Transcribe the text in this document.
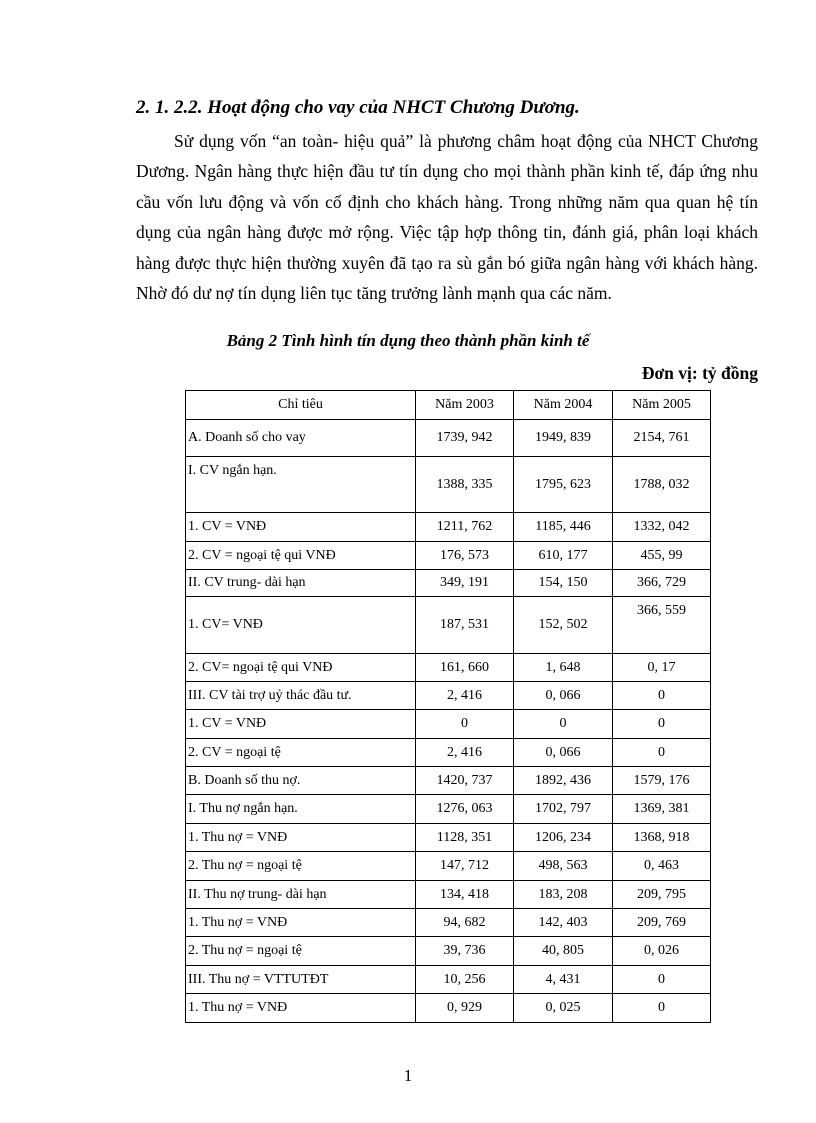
2. 1. 2.2. Hoạt động cho vay của NHCT Chương Dương.

Sử dụng vốn “an toàn- hiệu quả” là phương châm hoạt động của NHCT Chương Dương. Ngân hàng thực hiện đầu tư tín dụng cho mọi thành phần kinh tế, đáp ứng nhu cầu vốn lưu động và vốn cố định cho khách hàng. Trong những năm qua quan hệ tín dụng của ngân hàng được mở rộng. Việc tập hợp thông tin, đánh giá, phân loại khách hàng được thực hiện thường xuyên đã tạo ra sù gắn bó giữa ngân hàng với khách hàng. Nhờ đó dư nợ tín dụng liên tục tăng trưởng lành mạnh qua các năm.

Bảng 2 Tình hình tín dụng theo thành phần kinh tế
Đơn vị: tỷ đồng
Chỉ tiêu	Năm 2003	Năm 2004	Năm 2005
A. Doanh số cho vay	1739, 942	1949, 839	2154, 761
I. CV ngắn hạn.	1388, 335	1795, 623	1788, 032
1. CV = VNĐ	1211, 762	1185, 446	1332, 042
2. CV = ngoại tệ qui VNĐ	176, 573	610, 177	455, 99
II. CV trung- dài hạn	349, 191	154, 150	366, 729
1. CV= VNĐ	187, 531	152, 502	366, 559
2. CV= ngoại tệ qui VNĐ	161, 660	1, 648	0, 17
III. CV tài trợ uỷ thác đầu tư.	2, 416	0, 066	0
1. CV = VNĐ	0	0	0
2. CV = ngoại tệ	2, 416	0, 066	0
B. Doanh số thu nợ.	1420, 737	1892, 436	1579, 176
I. Thu nợ ngắn hạn.	1276, 063	1702, 797	1369, 381
1. Thu nợ = VNĐ	1128, 351	1206, 234	1368, 918
2. Thu nợ = ngoại tệ	147, 712	498, 563	0, 463
II. Thu nợ trung- dài hạn	134, 418	183, 208	209, 795
1. Thu nợ = VNĐ	94, 682	142, 403	209, 769
2. Thu nợ = ngoại tệ	39, 736	40, 805	0, 026
III. Thu nợ = VTTUTĐT	10, 256	4, 431	0
1. Thu nợ = VNĐ	0, 929	0, 025	0
1
